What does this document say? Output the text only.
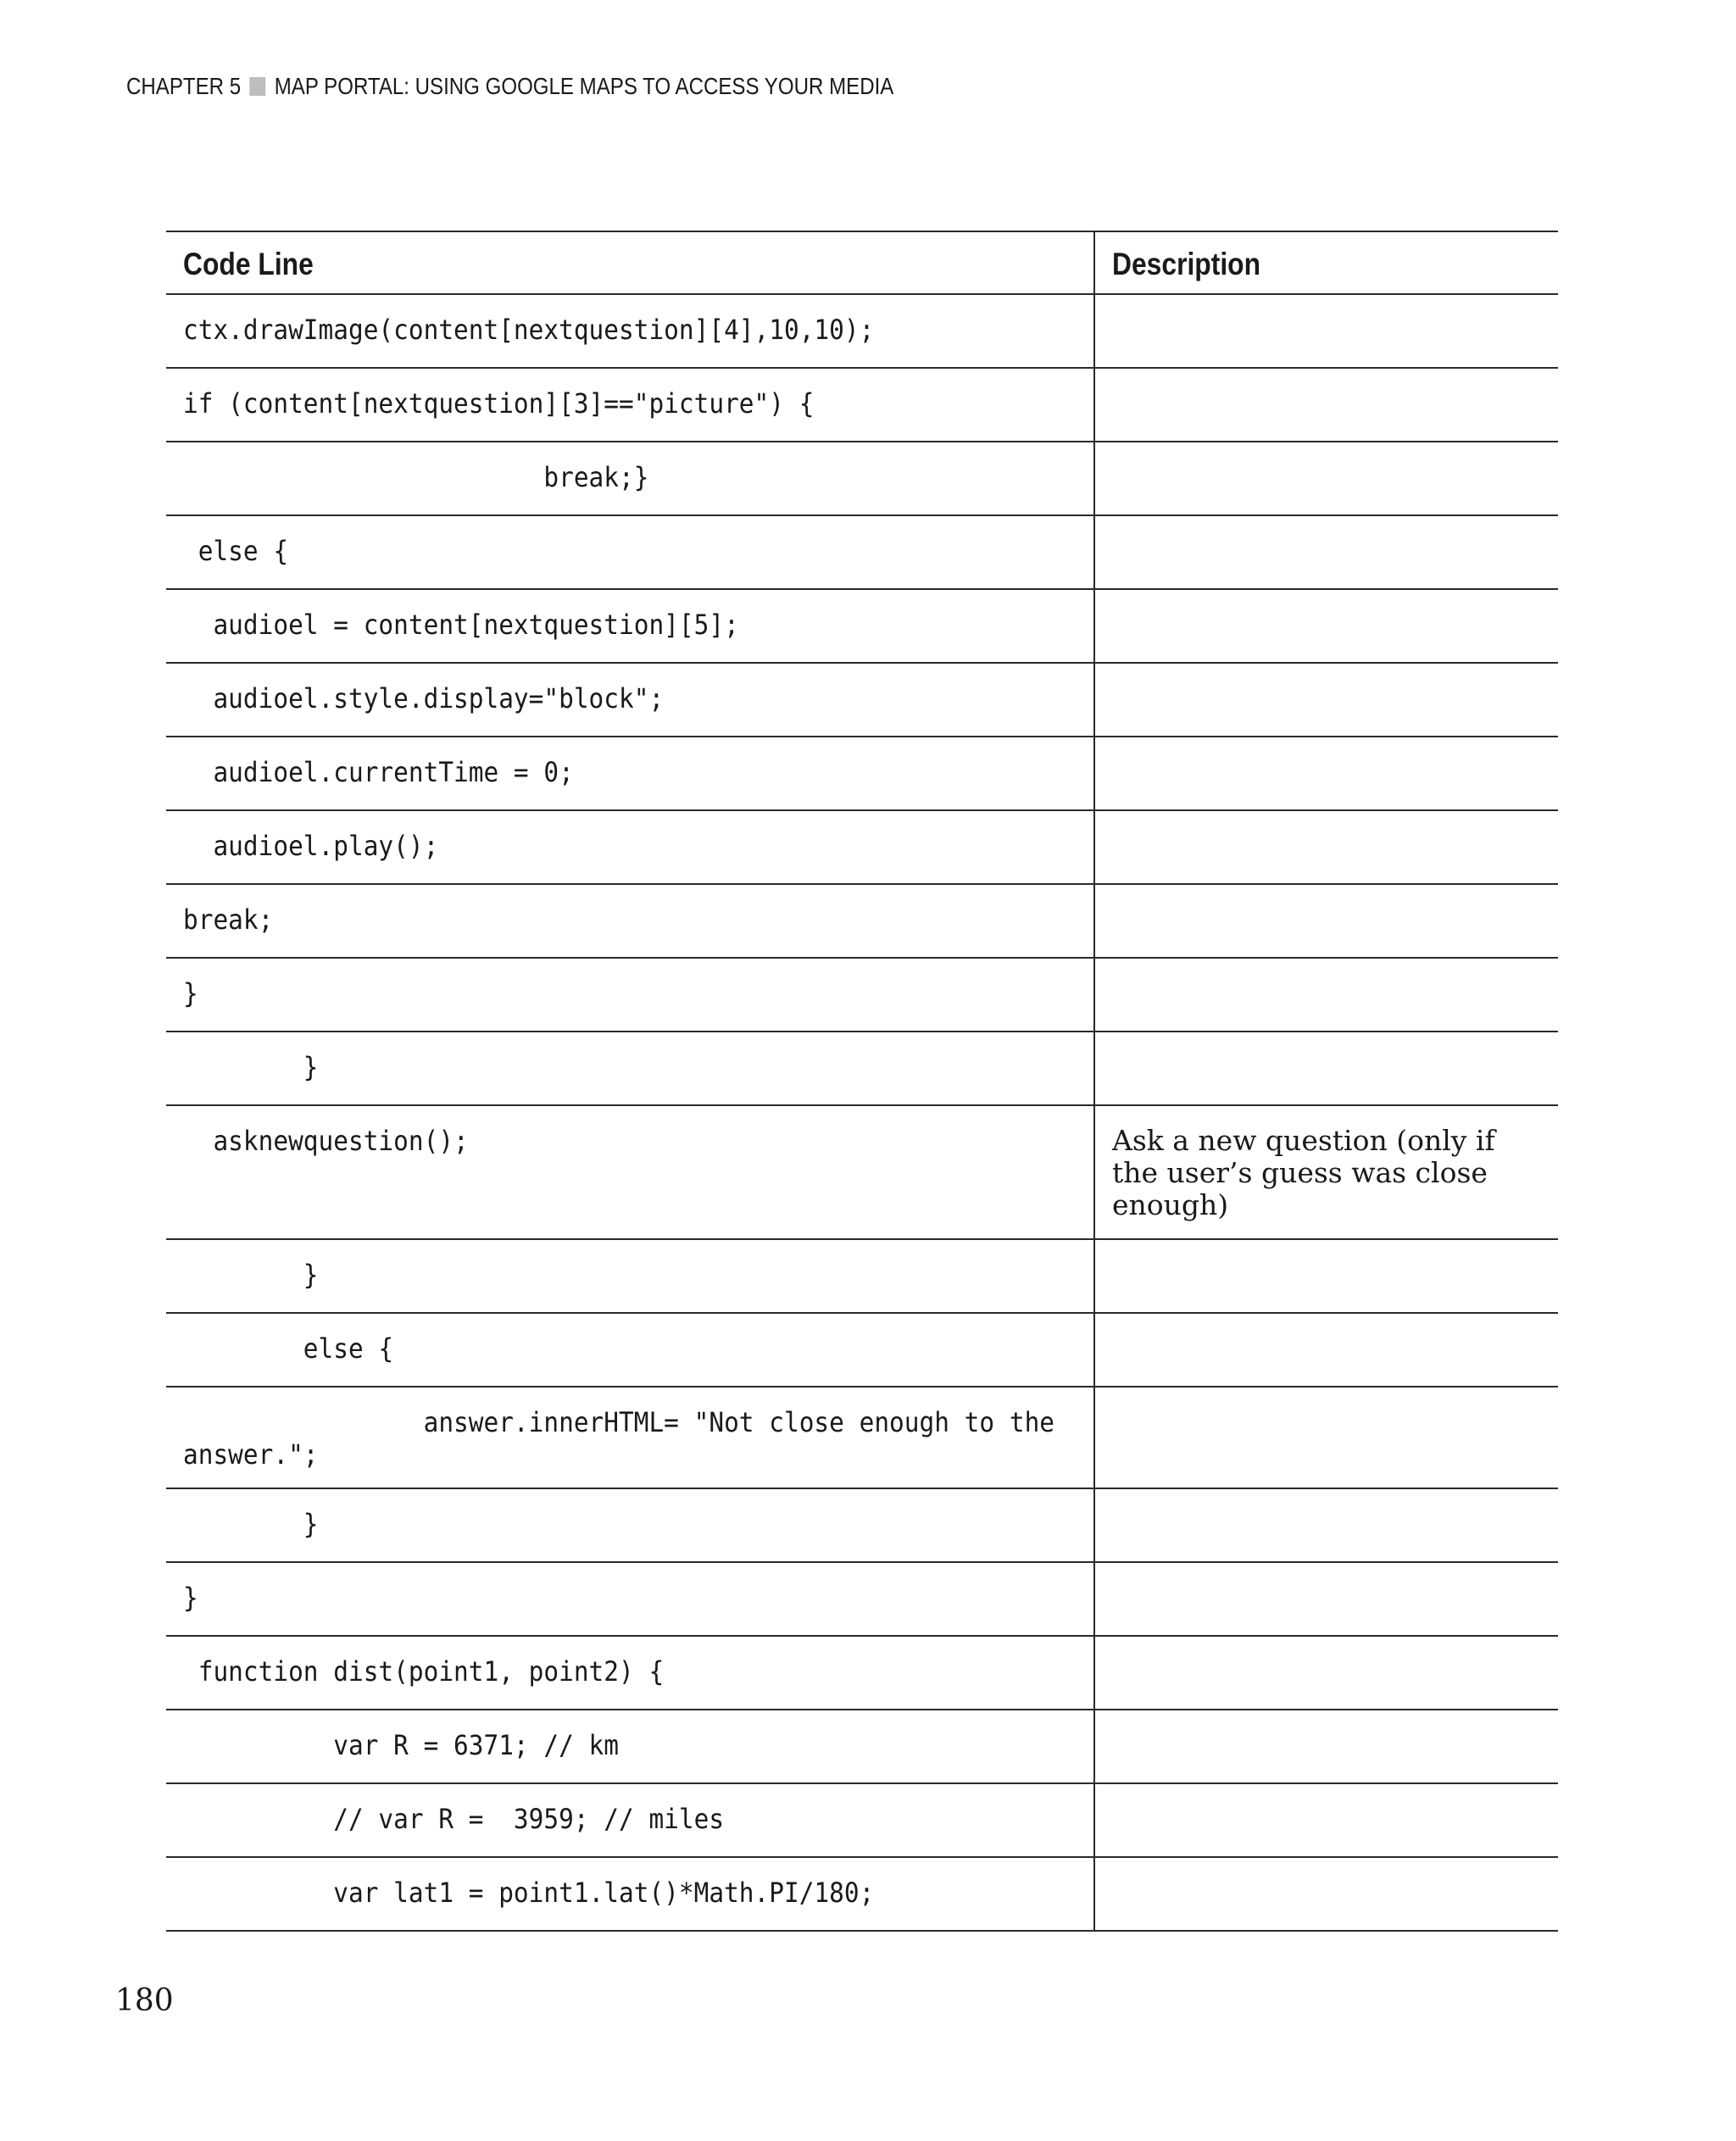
CHAPTER 5 MAP PORTAL: USING GOOGLE MAPS TO ACCESS YOUR MEDIA
Code Line	Description
ctx.drawImage(content[nextquestion][4],10,10);	
if (content[nextquestion][3]=="picture") {	
break;}	
else {	
audioel = content[nextquestion][5];	
audioel.style.display="block";	
audioel.currentTime = 0;	
audioel.play();	
break;	
}	
}	
asknewquestion();	Ask a new question (only if the user’s guess was close enough)
}	
else {	
answer.innerHTML= "Not close enough to the
answer.";	
}	
}	
function dist(point1, point2) {	
var R = 6371; // km	
// var R =  3959; // miles	
var lat1 = point1.lat()*Math.PI/180;	
180
